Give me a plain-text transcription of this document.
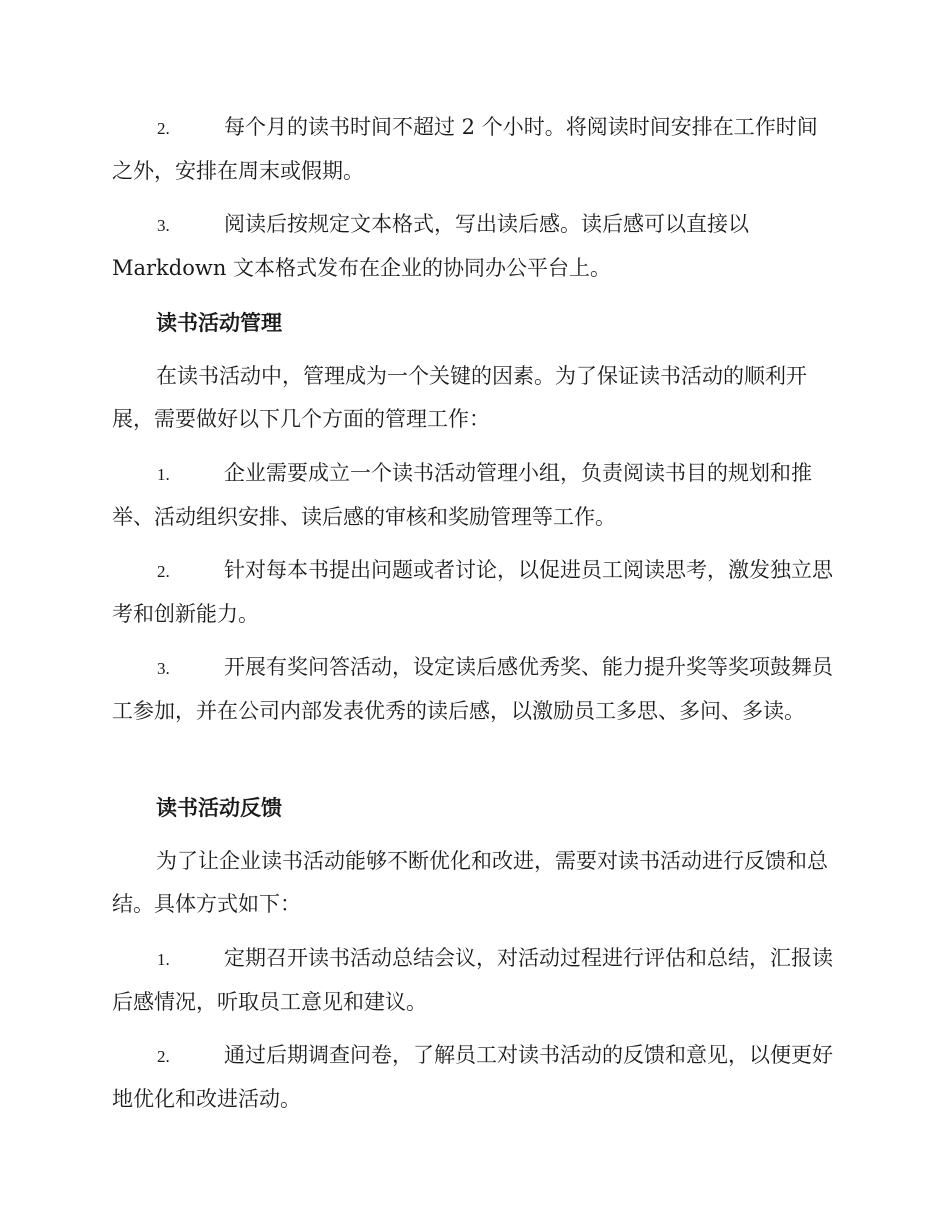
2.	每个月的读书时间不超过 2 个小时。将阅读时间安排在工作时间之外，安排在周末或假期。
3.	阅读后按规定文本格式，写出读后感。读后感可以直接以 Markdown 文本格式发布在企业的协同办公平台上。
读书活动管理
在读书活动中，管理成为一个关键的因素。为了保证读书活动的顺利开展，需要做好以下几个方面的管理工作：
1.	企业需要成立一个读书活动管理小组，负责阅读书目的规划和推举、活动组织安排、读后感的审核和奖励管理等工作。
2.	针对每本书提出问题或者讨论，以促进员工阅读思考，激发独立思考和创新能力。
3.	开展有奖问答活动，设定读后感优秀奖、能力提升奖等奖项鼓舞员工参加，并在公司内部发表优秀的读后感，以激励员工多思、多问、多读。
读书活动反馈
为了让企业读书活动能够不断优化和改进，需要对读书活动进行反馈和总结。具体方式如下：
1.	定期召开读书活动总结会议，对活动过程进行评估和总结，汇报读后感情况，听取员工意见和建议。
2.	通过后期调查问卷，了解员工对读书活动的反馈和意见，以便更好地优化和改进活动。
